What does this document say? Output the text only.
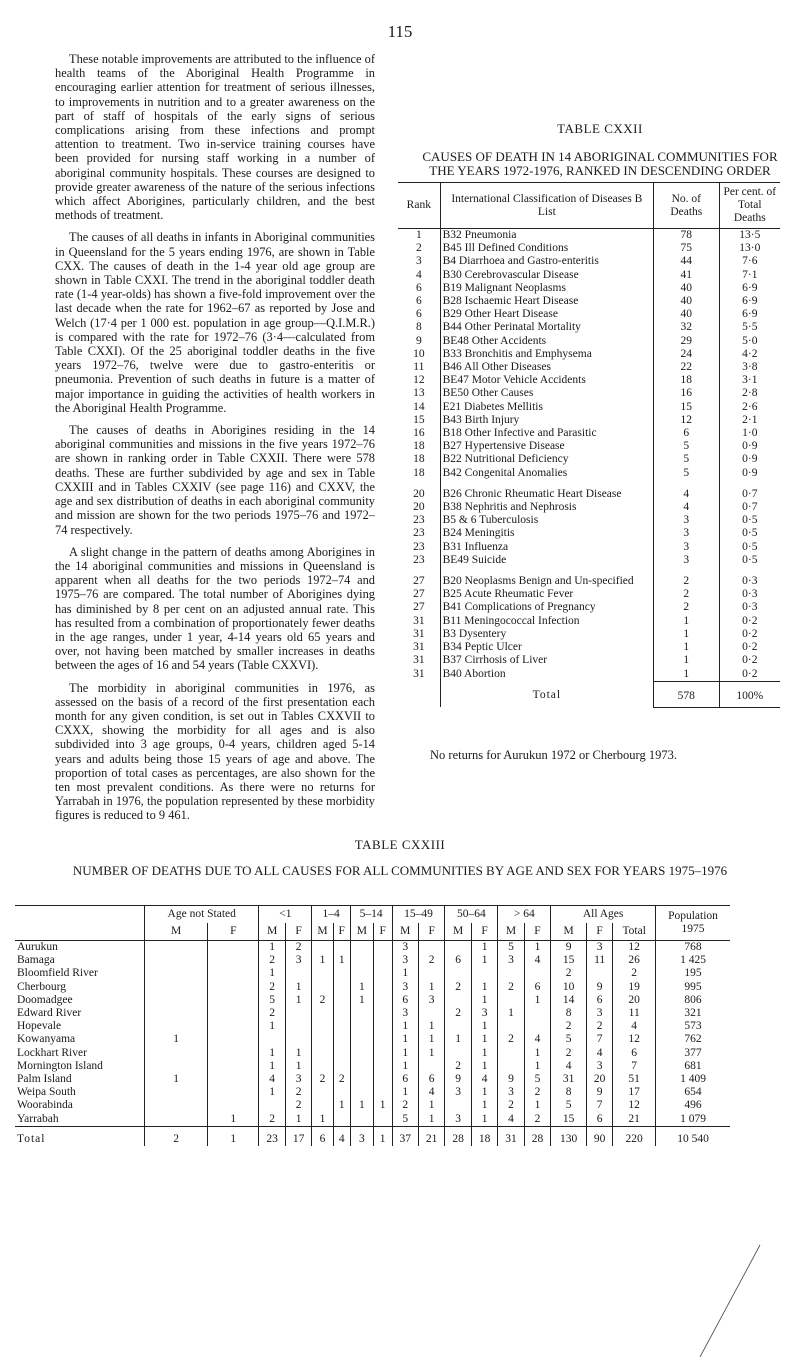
115

These notable improvements are attributed to the influence of health teams of the Aboriginal Health Programme in encouraging earlier attention for treatment of serious illnesses, to improvements in nutrition and to a greater awareness on the part of staff of hospitals of the early signs of serious complications arising from these infections and prompt attention to treatment. Two in-service training courses have been provided for nursing staff working in a number of aboriginal community hospitals. These courses are designed to provide greater awareness of the nature of the serious infections which affect Aborigines, particularly children, and the best methods of treatment.

The causes of all deaths in infants in Aboriginal communities in Queensland for the 5 years ending 1976, are shown in Table CXX. The causes of death in the 1-4 year old age group are shown in Table CXXI. The trend in the aboriginal toddler death rate (1-4 year-olds) has shown a five-fold improvement over the last decade when the rate for 1962–67 as reported by Jose and Welch (17·4 per 1 000 est. population in age group—Q.I.M.R.) is compared with the rate for 1972–76 (3·4—calculated from Table CXXI). Of the 25 aboriginal toddler deaths in the five years 1972–76, twelve were due to gastro-enteritis or pneumonia. Prevention of such deaths in future is a matter of major importance in guiding the activities of health workers in the Aboriginal Health Programme.

The causes of deaths in Aborigines residing in the 14 aboriginal communities and missions in the five years 1972–76 are shown in ranking order in Table CXXII. There were 578 deaths. These are further subdivided by age and sex in Table CXXIII and in Tables CXXIV (see page 116) and CXXV, the age and sex distribution of deaths in each aboriginal community and mission are shown for the two periods 1975–76 and 1972–74 respectively.

A slight change in the pattern of deaths among Aborigines in the 14 aboriginal communities and missions in Queensland is apparent when all deaths for the two periods 1972–74 and 1975–76 are compared. The total number of Aborigines dying has diminished by 8 per cent on an adjusted annual rate. This has resulted from a combination of proportionately fewer deaths in the age ranges, under 1 year, 4-14 years old 65 years and over, not having been matched by smaller increases in deaths between the ages of 16 and 54 years (Table CXXVI).

The morbidity in aboriginal communities in 1976, as assessed on the basis of a record of the first presentation each month for any given condition, is set out in Tables CXXVII to CXXX, showing the morbidity for all ages and is also subdivided into 3 age groups, 0-4 years, children aged 5-14 years and adults being those 15 years of age and above. The proportion of total cases as percentages, are also shown for the ten most prevalent conditions. As there were no returns for Yarrabah in 1976, the population represented by these morbidity figures is reduced to 9 461.

TABLE CXXII
CAUSES OF DEATH IN 14 ABORIGINAL COMMUNITIES FOR THE YEARS 1972-1976, RANKED IN DESCENDING ORDER
Rank	International Classification of Diseases B List	No. of Deaths	Per cent. of Total Deaths
1	B32 Pneumonia	78	13·5
2	B45 Ill Defined Conditions	75	13·0
3	B4 Diarrhoea and Gastro-enteritis	44	7·6
4	B30 Cerebrovascular Disease	41	7·1
6	B19 Malignant Neoplasms	40	6·9
6	B28 Ischaemic Heart Disease	40	6·9
6	B29 Other Heart Disease	40	6·9
8	B44 Other Perinatal Mortality	32	5·5
9	BE48 Other Accidents	29	5·0
10	B33 Bronchitis and Emphysema	24	4·2
11	B46 All Other Diseases	22	3·8
12	BE47 Motor Vehicle Accidents	18	3·1
13	BE50 Other Causes	16	2·8
14	E21 Diabetes Mellitis	15	2·6
15	B43 Birth Injury	12	2·1
16	B18 Other Infective and Parasitic	6	1·0
18	B27 Hypertensive Disease	5	0·9
18	B22 Nutritional Deficiency	5	0·9
18	B42 Congenital Anomalies	5	0·9

20	B26 Chronic Rheumatic Heart Disease	4	0·7
20	B38 Nephritis and Nephrosis	4	0·7
23	B5 & 6 Tuberculosis	3	0·5
23	B24 Meningitis	3	0·5
23	B31 Influenza	3	0·5
23	BE49 Suicide	3	0·5

27	B20 Neoplasms Benign and Un-specified	2	0·3
27	B25 Acute Rheumatic Fever	2	0·3
27	B41 Complications of Pregnancy	2	0·3
31	B11 Meningococcal Infection	1	0·2
31	B3 Dysentery	1	0·2
31	B34 Peptic Ulcer	1	0·2
31	B37 Cirrhosis of Liver	1	0·2
31	B40 Abortion	1	0·2
	Total	578	100%
No returns for Aurukun 1972 or Cherbourg 1973.
TABLE CXXIII
NUMBER OF DEATHS DUE TO ALL CAUSES FOR ALL COMMUNITIES BY AGE AND SEX FOR YEARS 1975–1976
	Age not Stated		<1		1–4		5–14		15–49		50–64		> 64		All Ages			Population 1975
	M	F	M	F	M	F	M	F	M	F	M	F	M	F	M	F	Total	
Aurukun			1	2					3			1	5	1	9	3	12	768
Bamaga			2	3	1	1			3	2	6	1	3	4	15	11	26	1 425
Bloomfield River			1						1						2		2	195
Cherbourg			2	1			1		3	1	2	1	2	6	10	9	19	995
Doomadgee			5	1	2		1		6	3		1		1	14	6	20	806
Edward River			2						3		2	3	1		8	3	11	321
Hopevale			1						1	1		1			2	2	4	573
Kowanyama	1								1	1	1	1	2	4	5	7	12	762
Lockhart River			1	1					1	1		1		1	2	4	6	377
Mornington Island			1	1					1		2	1		1	4	3	7	681
Palm Island	1		4	3	2	2			6	6	9	4	9	5	31	20	51	1 409
Weipa South			1	2					1	4	3	1	3	2	8	9	17	654
Woorabinda				2		1	1	1	2	1		1	2	1	5	7	12	496
Yarrabah		1	2	1	1				5	1	3	1	4	2	15	6	21	1 079
Total	2	1	23	17	6	4	3	1	37	21	28	18	31	28	130	90	220	10 540
